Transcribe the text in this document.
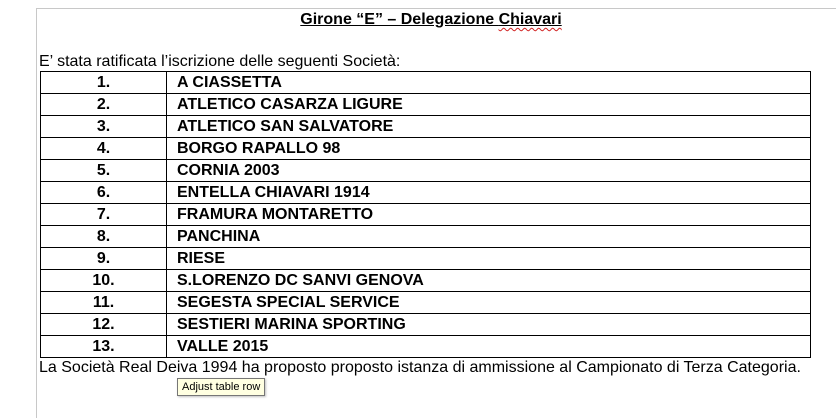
Girone “E” – Delegazione Chiavari
E’ stata ratificata l’iscrizione delle seguenti Società:
1.	A CIASSETTA
2.	ATLETICO CASARZA LIGURE
3.	ATLETICO SAN SALVATORE
4.	BORGO RAPALLO 98
5.	CORNIA 2003
6.	ENTELLA CHIAVARI 1914
7.	FRAMURA MONTARETTO
8.	PANCHINA
9.	RIESE
10.	S.LORENZO DC SANVI GENOVA
11.	SEGESTA SPECIAL SERVICE
12.	SESTIERI MARINA SPORTING
13.	VALLE 2015
La Società Real Deiva 1994 ha proposto proposto istanza di ammissione al Campionato di Terza Categoria.
Adjust table row
